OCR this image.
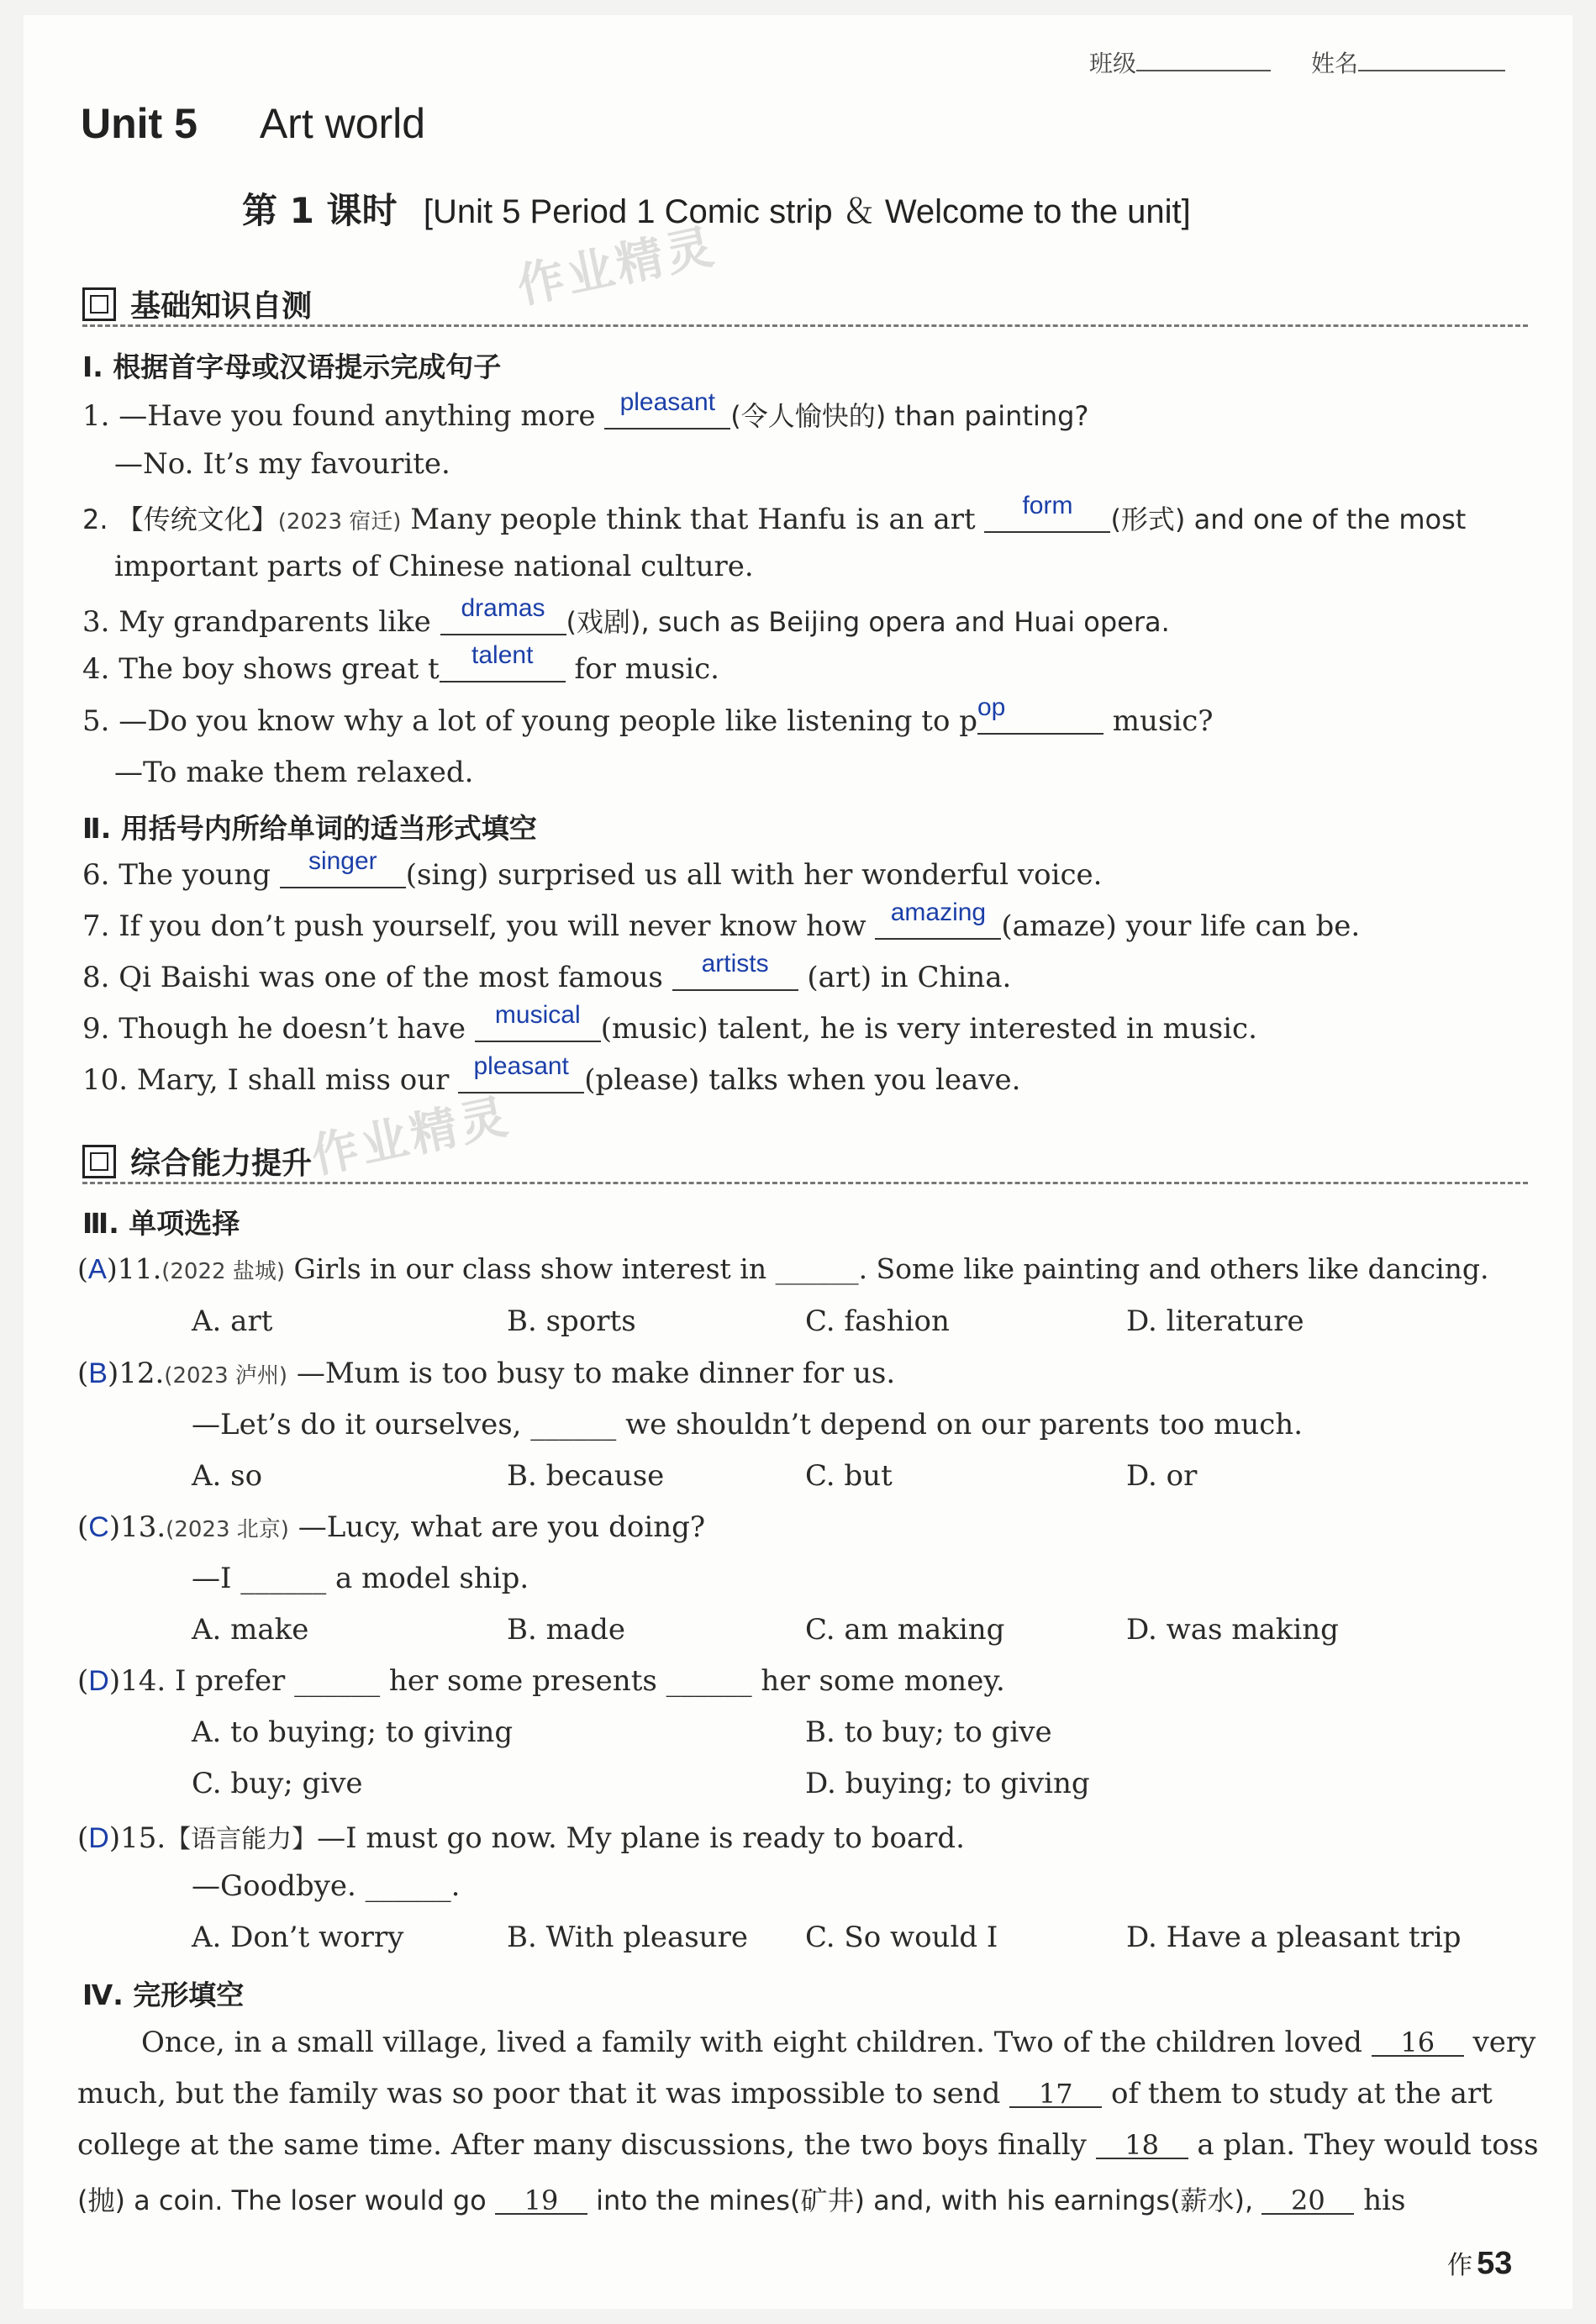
班级	姓名
Unit 5 Art world
第 1 课时 [Unit 5 Period 1 Comic strip ＆ Welcome to the unit]
作业精灵
作业精灵
基础知识自测
Ⅰ. 根据首字母或汉语提示完成句子
1. —Have you found anything more pleasant (令人愉快的) than painting?
—No. It’s my favourite.
2. 【传统文化】(2023 宿迁) Many people think that Hanfu is an art form (形式) and one of the most
important parts of Chinese national culture.
3. My grandparents like dramas (戏剧), such as Beijing opera and Huai opera.
4. The boy shows great t talent for music.
5. —Do you know why a lot of young people like listening to pop	music?
—To make them relaxed.
Ⅱ. 用括号内所给单词的适当形式填空
6. The young singer (sing) surprised us all with her wonderful voice.
7. If you don’t push yourself, you will never know how amazing (amaze) your life can be.
8. Qi Baishi was one of the most famous artists (art) in China.
9. Though he doesn’t have musical (music) talent, he is very interested in music.
10. Mary, I shall miss our pleasant (please) talks when you leave.
综合能力提升
Ⅲ. 单项选择
(A)11.(2022 盐城) Girls in our class show interest in ______. Some like painting and others like dancing.
A. art	B. sports	C. fashion	D. literature
(B)12.(2023 泸州) —Mum is too busy to make dinner for us.
—Let’s do it ourselves, ______ we shouldn’t depend on our parents too much.
A. so	B. because	C. but	D. or
(C)13.(2023 北京) —Lucy, what are you doing?
—I ______ a model ship.
A. make	B. made	C. am making	D. was making
(D)14. I prefer ______ her some presents ______ her some money.
A. to buying; to giving	B. to buy; to give
C. buy; give	D. buying; to giving
(D)15.【语言能力】—I must go now. My plane is ready to board.
—Goodbye. ______.
A. Don’t worry	B. With pleasure C. So would I	D. Have a pleasant trip
Ⅳ. 完形填空
Once, in a small village, lived a family with eight children. Two of the children loved 16 very
much, but the family was so poor that it was impossible to send 17 of them to study at the art
college at the same time. After many discussions, the two boys finally 18 a plan. They would toss
(抛) a coin. The loser would go 19 into the mines(矿井) and, with his earnings(薪水), 20 his
作 53
